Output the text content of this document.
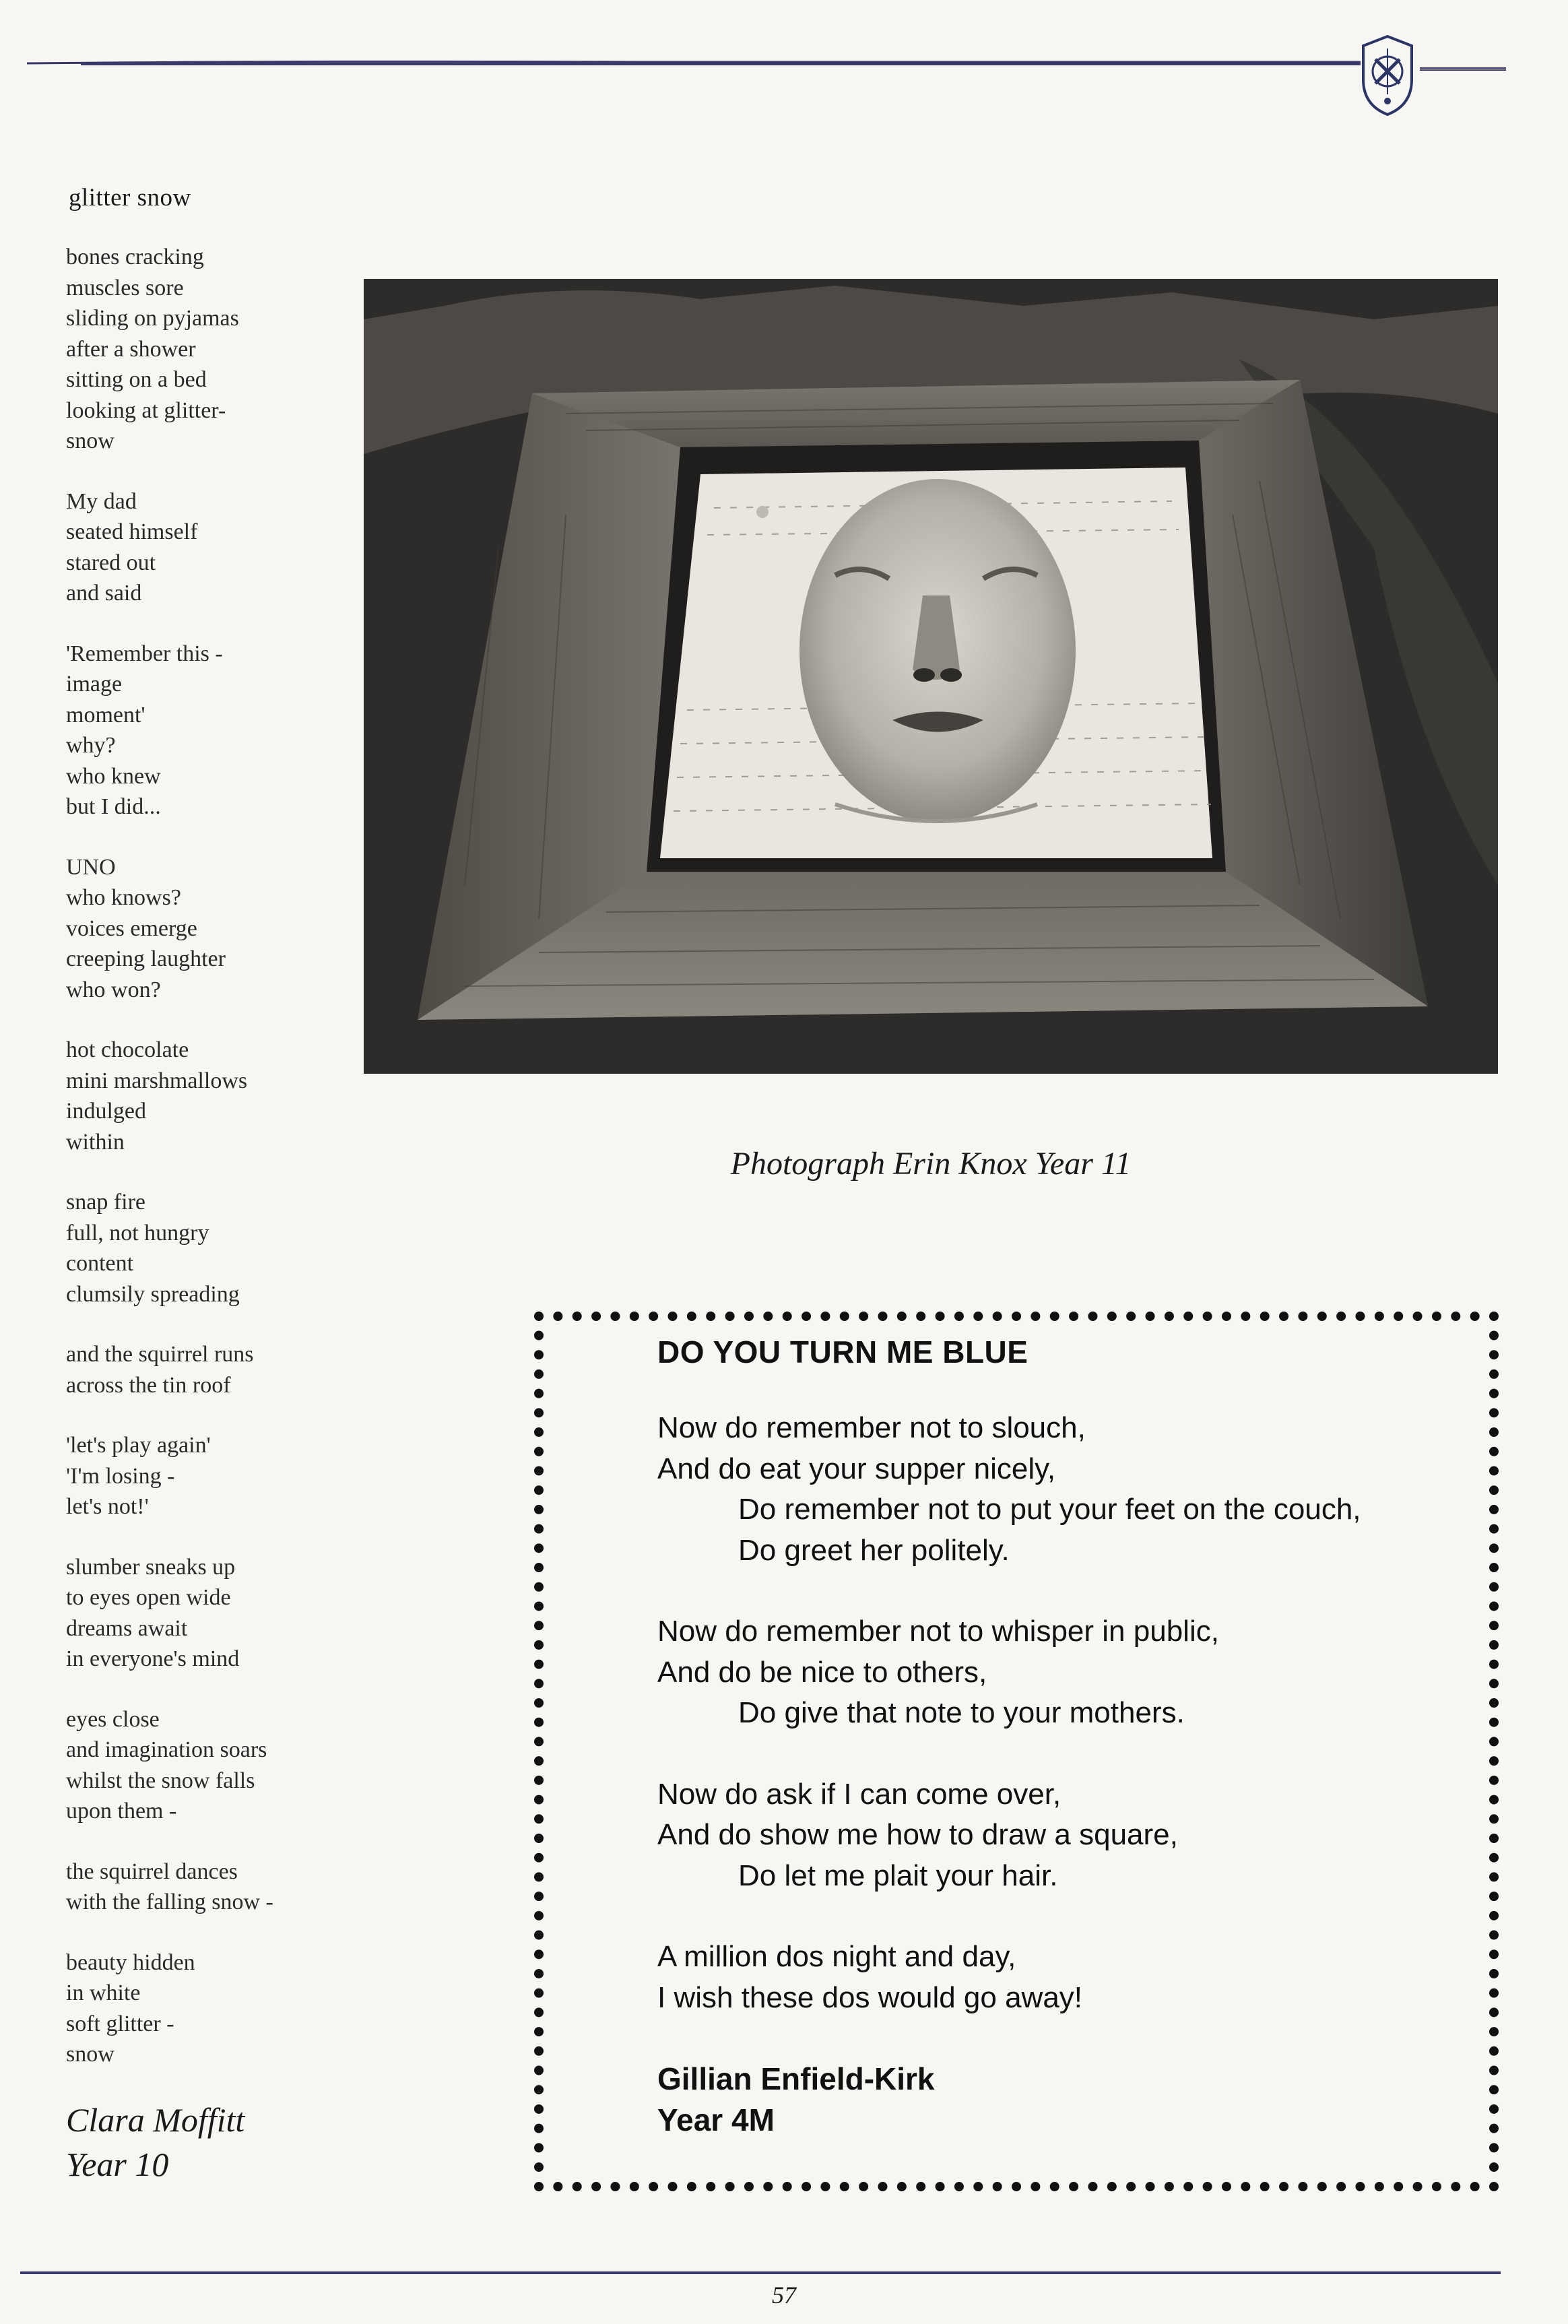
glitter snow
bones cracking
muscles sore
sliding on pyjamas
after a shower
sitting on a bed
looking at glitter-
snow
My dad
seated himself
stared out
and said
'Remember this -
image
moment'
why?
who knew
but I did...
UNO
who knows?
voices emerge
creeping laughter
who won?
hot chocolate
mini marshmallows
indulged
within
snap fire
full, not hungry
content
clumsily spreading
and the squirrel runs
across the tin roof
'let's play again'
'I'm losing -
let's not!'
slumber sneaks up
to eyes open wide
dreams await
in everyone's mind
eyes close
and imagination soars
whilst the snow falls
upon them -
the squirrel dances
with the falling snow -
beauty hidden
in white
soft glitter -
snow
Clara Moffitt
Year 10
Photograph Erin Knox Year 11
DO YOU TURN ME BLUE
Now do remember not to slouch,
And do eat your supper nicely,
Do remember not to put your feet on the couch,
Do greet her politely.
Now do remember not to whisper in public,
And do be nice to others,
Do give that note to your mothers.
Now do ask if I can come over,
And do show me how to draw a square,
Do let me plait your hair.
A million dos night and day,
I wish these dos would go away!
Gillian Enfield-Kirk
Year 4M
57
